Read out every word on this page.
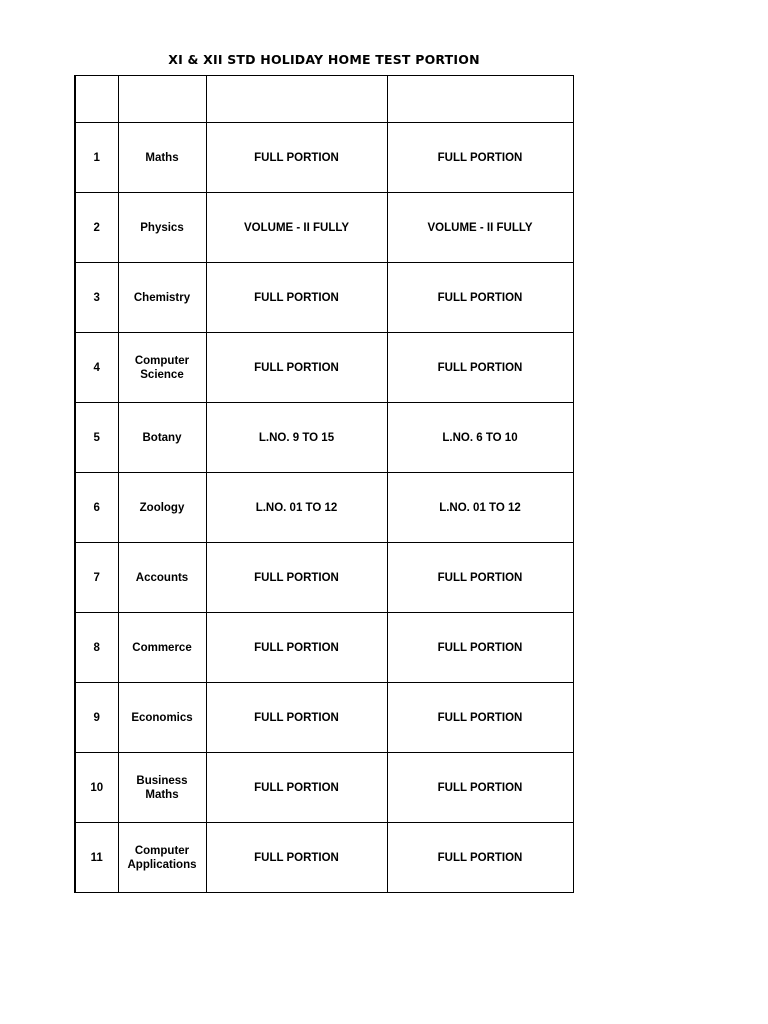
XI & XII STD HOLIDAY HOME TEST PORTION

1	Maths	FULL PORTION	FULL PORTION
2	Physics	VOLUME - II FULLY	VOLUME - II FULLY
3	Chemistry	FULL PORTION	FULL PORTION
4	Computer Science	FULL PORTION	FULL PORTION
5	Botany	L.NO. 9 TO 15	L.NO. 6 TO 10
6	Zoology	L.NO. 01 TO 12	L.NO. 01 TO 12
7	Accounts	FULL PORTION	FULL PORTION
8	Commerce	FULL PORTION	FULL PORTION
9	Economics	FULL PORTION	FULL PORTION
10	Business Maths	FULL PORTION	FULL PORTION
11	Computer Applications	FULL PORTION	FULL PORTION
